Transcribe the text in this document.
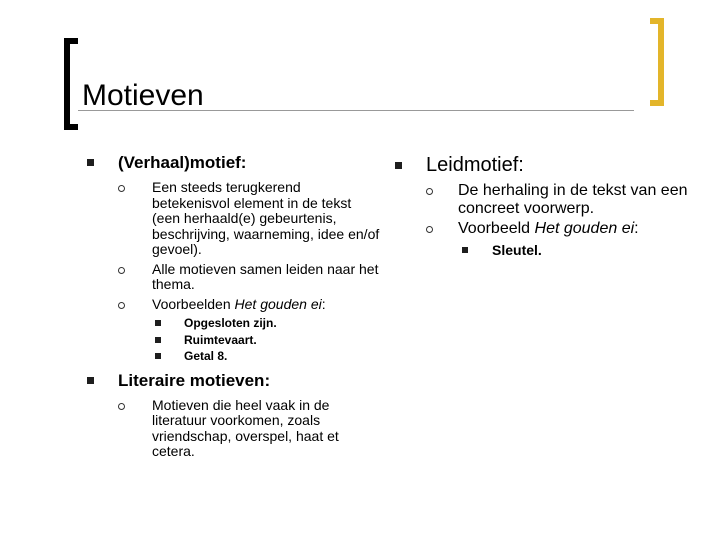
Motieven

(Verhaal)motief:

Een steeds terugkerend betekenisvol element in de tekst (een herhaald(e) gebeurtenis, beschrijving, waarneming, idee en/of gevoel).

Alle motieven samen leiden naar het thema.

Voorbeelden Het gouden ei:

Opgesloten zijn.

Ruimtevaart.

Getal 8.

Literaire motieven:

Motieven die heel vaak in de literatuur voorkomen, zoals vriendschap, overspel, haat et cetera.

Leidmotief:

De herhaling in de tekst van een concreet voorwerp.

Voorbeeld Het gouden ei:

Sleutel.
